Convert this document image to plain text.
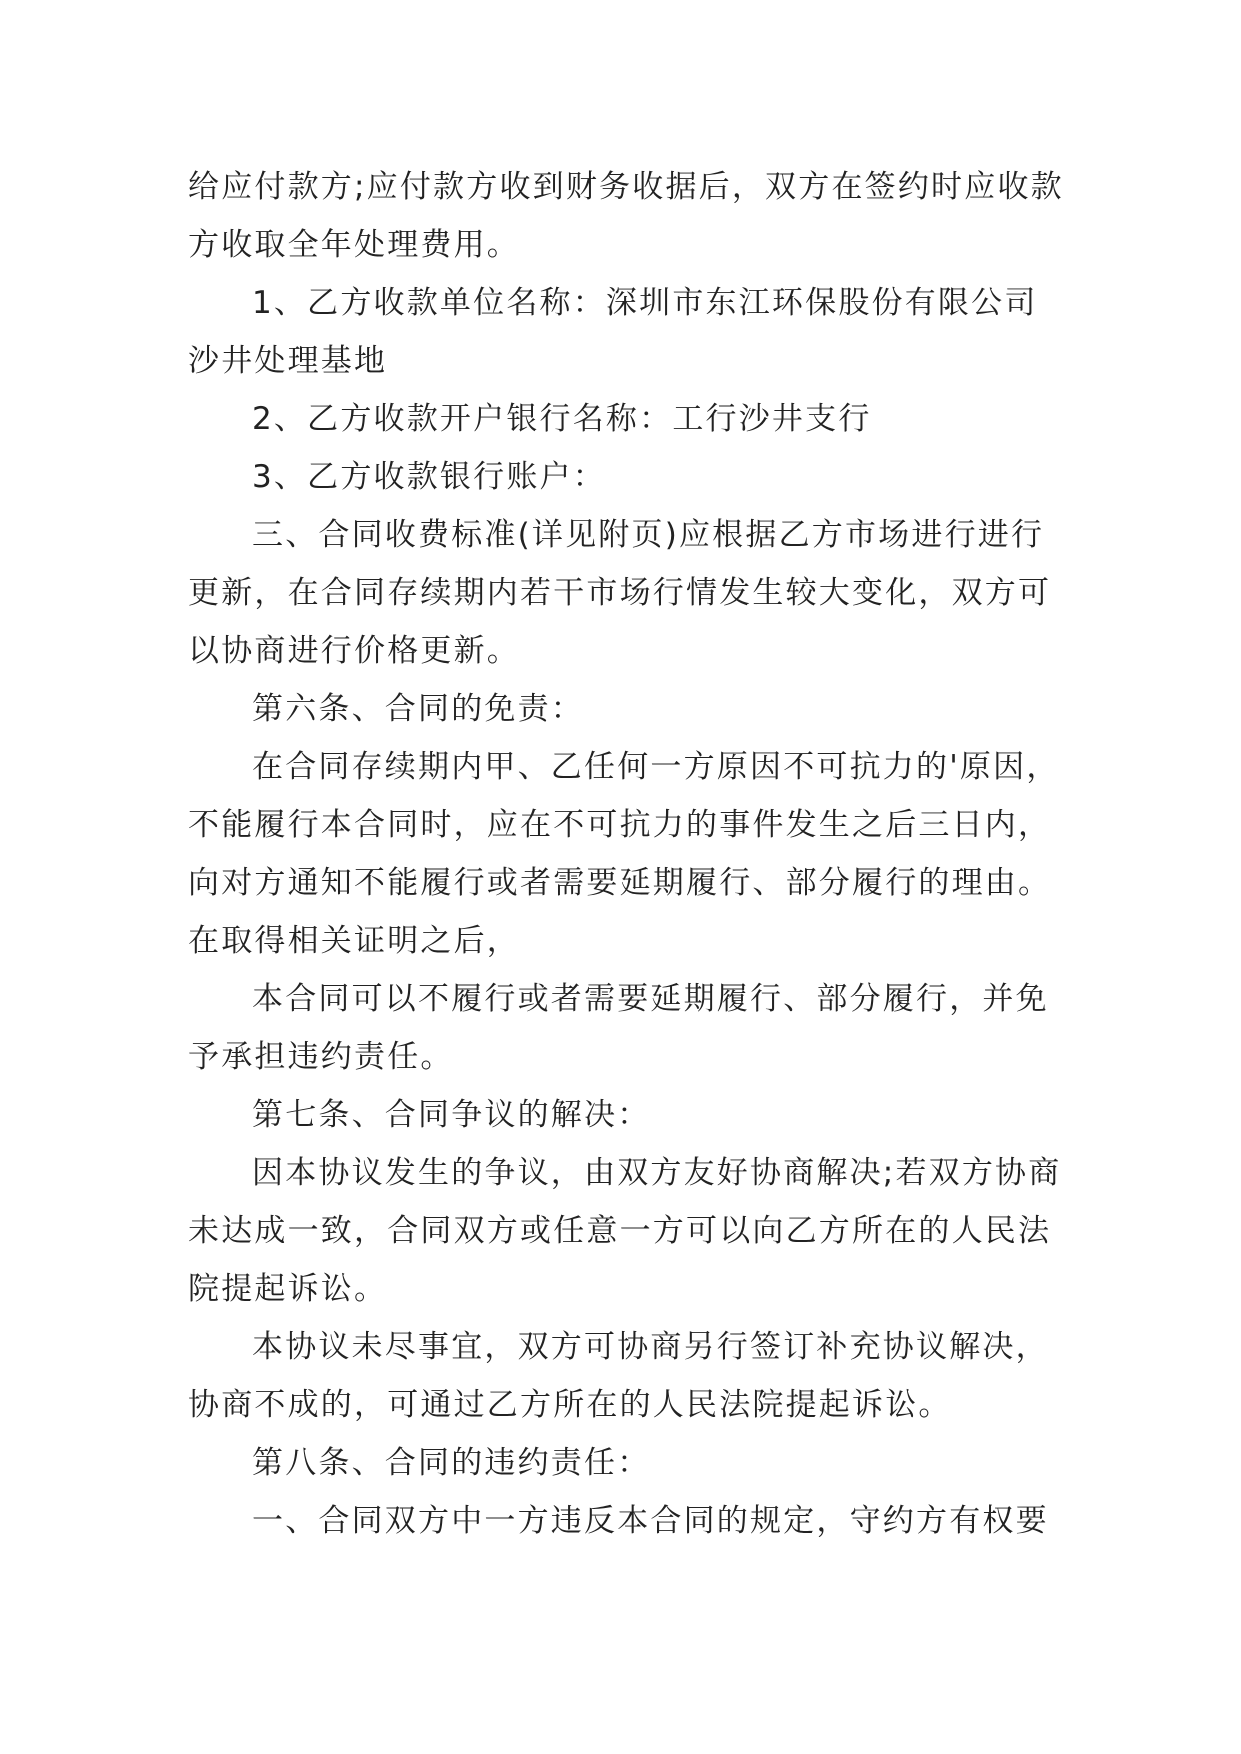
给应付款方;应付款方收到财务收据后，双方在签约时应收款方收取全年处理费用。

1、乙方收款单位名称：深圳市东江环保股份有限公司沙井处理基地

2、乙方收款开户银行名称：工行沙井支行

3、乙方收款银行账户：

三、合同收费标准(详见附页)应根据乙方市场进行进行更新，在合同存续期内若干市场行情发生较大变化，双方可以协商进行价格更新。

第六条、合同的免责：

在合同存续期内甲、乙任何一方原因不可抗力的'原因，不能履行本合同时，应在不可抗力的事件发生之后三日内，向对方通知不能履行或者需要延期履行、部分履行的理由。在取得相关证明之后，

本合同可以不履行或者需要延期履行、部分履行，并免予承担违约责任。

第七条、合同争议的解决：

因本协议发生的争议，由双方友好协商解决;若双方协商未达成一致，合同双方或任意一方可以向乙方所在的人民法院提起诉讼。

本协议未尽事宜，双方可协商另行签订补充协议解决，协商不成的，可通过乙方所在的人民法院提起诉讼。

第八条、合同的违约责任：

一、合同双方中一方违反本合同的规定，守约方有权要
